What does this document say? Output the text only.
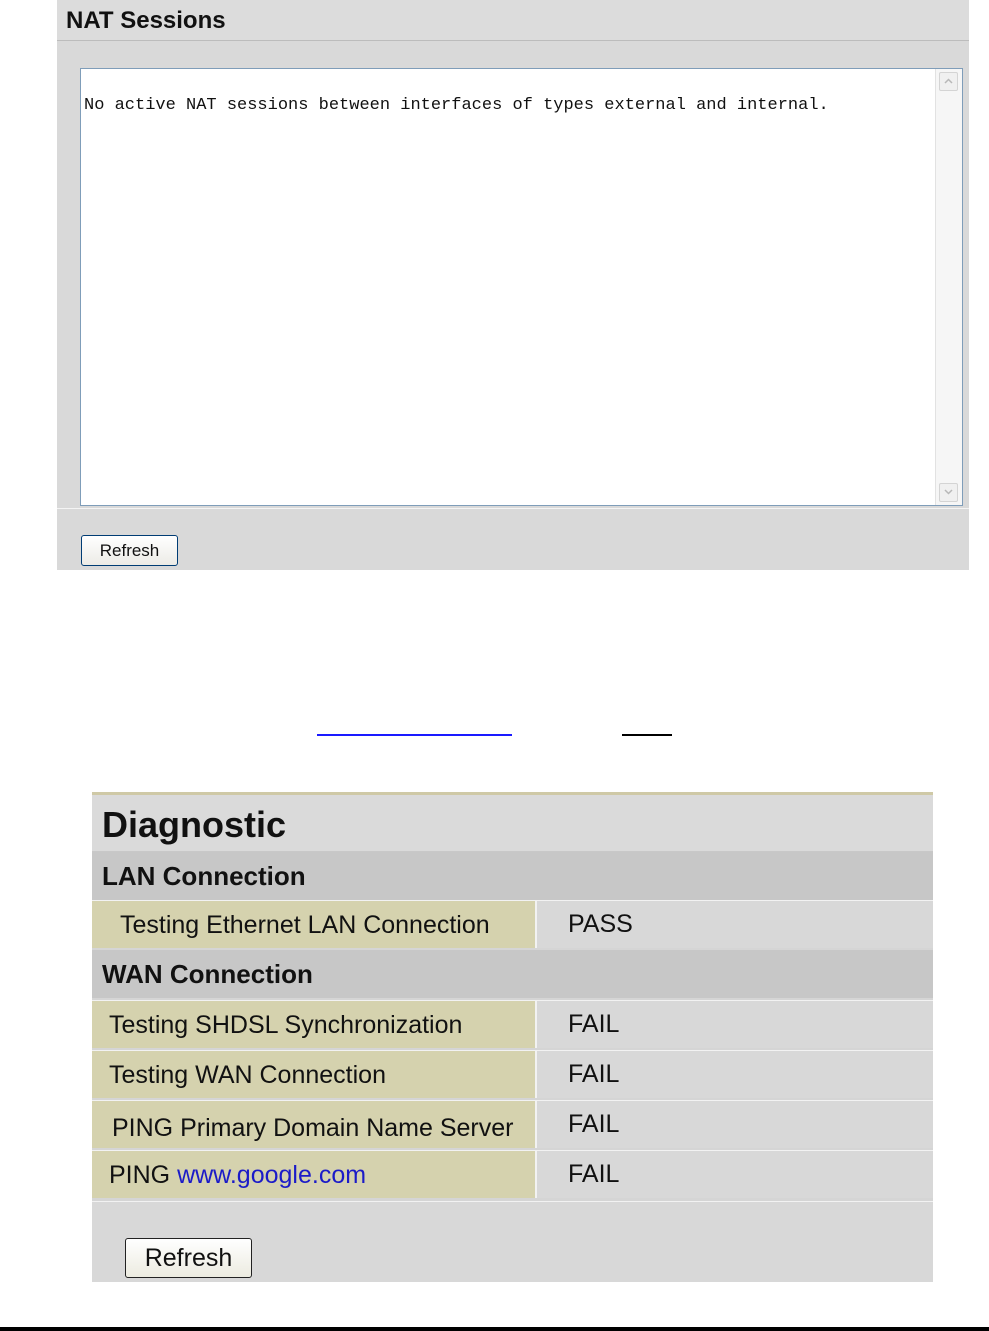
NAT Sessions
No active NAT sessions between interfaces of types external and internal.
Refresh
Diagnostic
LAN Connection
Testing Ethernet LAN Connection	PASS
WAN Connection
Testing SHDSL Synchronization	FAIL
Testing WAN Connection	FAIL
PING Primary Domain Name Server FAIL
PING www.google.com	FAIL
Refresh
